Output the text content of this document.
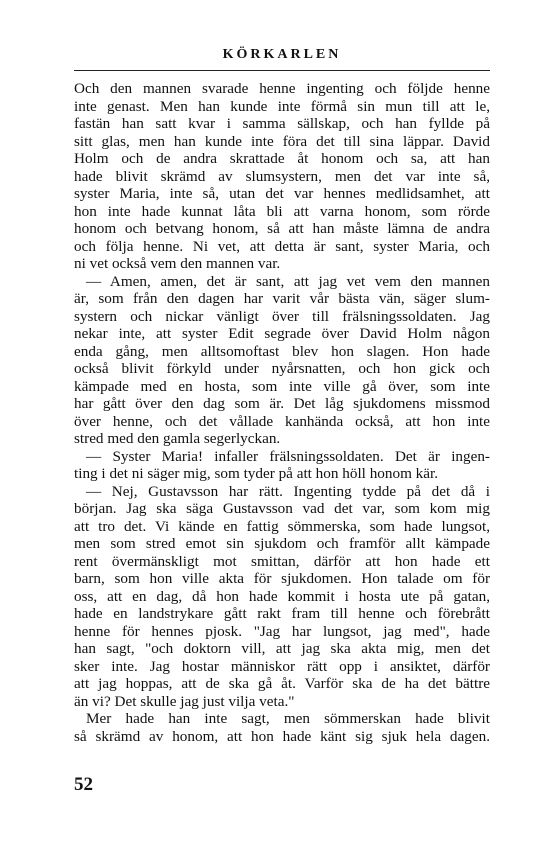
KÖRKARLEN
Och den mannen svarade henne ingenting och följde henne
inte genast. Men han kunde inte förmå sin mun till att le,
fastän han satt kvar i samma sällskap, och han fyllde på
sitt glas, men han kunde inte föra det till sina läppar. David
Holm och de andra skrattade åt honom och sa, att han
hade blivit skrämd av slumsystern, men det var inte så,
syster Maria, inte så, utan det var hennes medlidsamhet, att
hon inte hade kunnat låta bli att varna honom, som rörde
honom och betvang honom, så att han måste lämna de andra
och följa henne. Ni vet, att detta är sant, syster Maria, och
ni vet också vem den mannen var.
— Amen, amen, det är sant, att jag vet vem den mannen
är, som från den dagen har varit vår bästa vän, säger slum-
systern och nickar vänligt över till frälsningssoldaten. Jag
nekar inte, att syster Edit segrade över David Holm någon
enda gång, men alltsomoftast blev hon slagen. Hon hade
också blivit förkyld under nyårsnatten, och hon gick och
kämpade med en hosta, som inte ville gå över, som inte
har gått över den dag som är. Det låg sjukdomens missmod
över henne, och det vållade kanhända också, att hon inte
stred med den gamla segerlyckan.
— Syster Maria! infaller frälsningssoldaten. Det är ingen-
ting i det ni säger mig, som tyder på att hon höll honom kär.
— Nej, Gustavsson har rätt. Ingenting tydde på det då i
början. Jag ska säga Gustavsson vad det var, som kom mig
att tro det. Vi kände en fattig sömmerska, som hade lungsot,
men som stred emot sin sjukdom och framför allt kämpade
rent övermänskligt mot smittan, därför att hon hade ett
barn, som hon ville akta för sjukdomen. Hon talade om för
oss, att en dag, då hon hade kommit i hosta ute på gatan,
hade en landstrykare gått rakt fram till henne och förebrått
henne för hennes pjosk. "Jag har lungsot, jag med", hade
han sagt, "och doktorn vill, att jag ska akta mig, men det
sker inte. Jag hostar människor rätt opp i ansiktet, därför
att jag hoppas, att de ska gå åt. Varför ska de ha det bättre
än vi? Det skulle jag just vilja veta."
Mer hade han inte sagt, men sömmerskan hade blivit
så skrämd av honom, att hon hade känt sig sjuk hela dagen.
52
